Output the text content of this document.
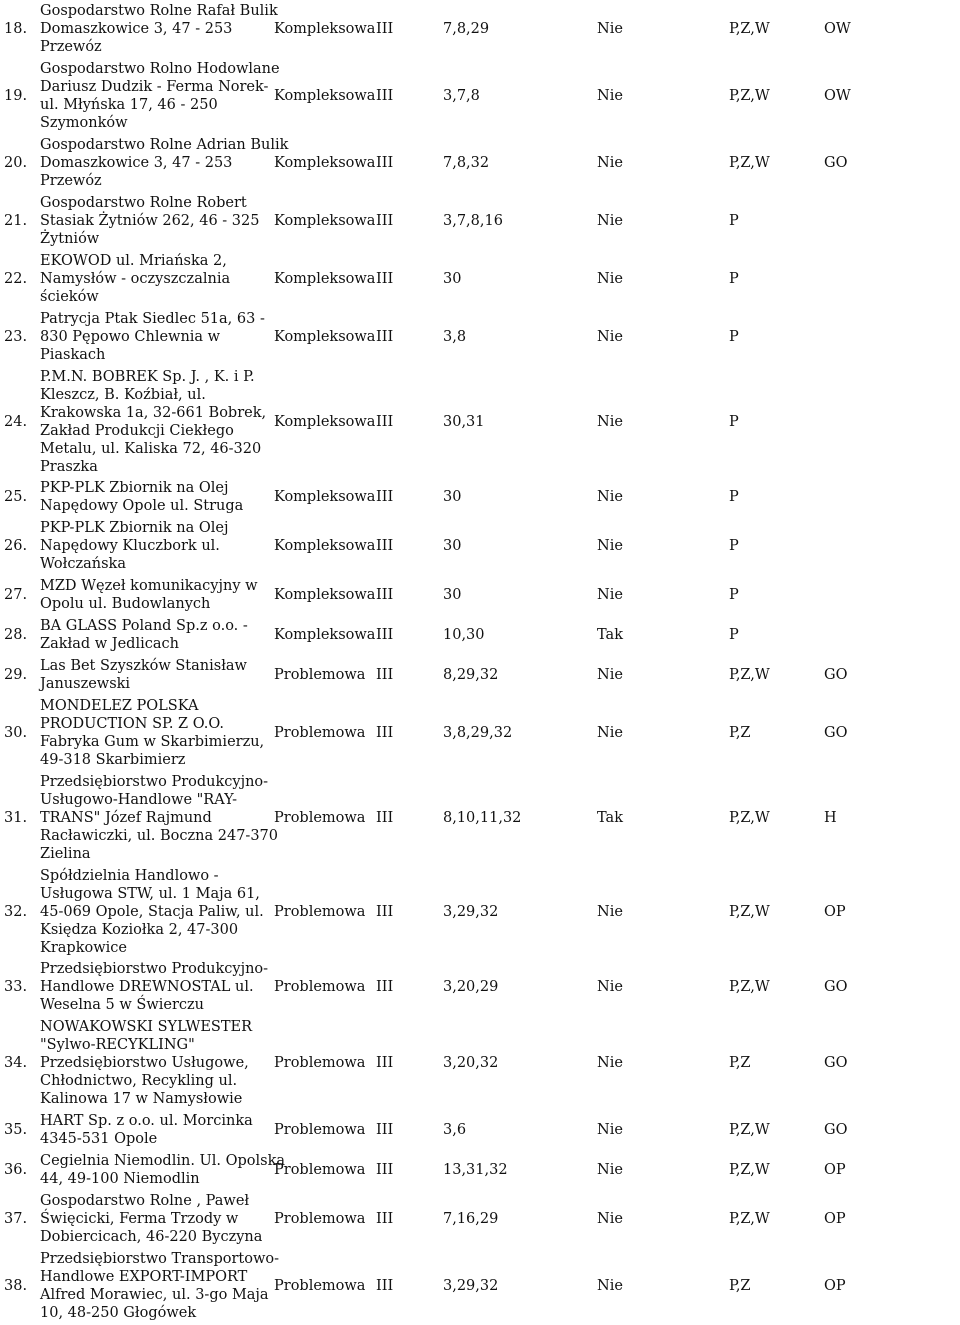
18.
Gospodarstwo Rolne Rafał Bulik
Domaszkowice 3, 47 - 253
Przewóz
Kompleksowa III	7,8,29	Nie	P,Z,W	OW
19.
Gospodarstwo Rolno Hodowlane
Dariusz Dudzik - Ferma Norek-
ul. Młyńska 17, 46 - 250
Szymonków
Kompleksowa III	3,7,8	Nie	P,Z,W	OW
20.
Gospodarstwo Rolne Adrian Bulik
Domaszkowice 3, 47 - 253
Przewóz
Kompleksowa III	7,8,32	Nie	P,Z,W	GO
21.
Gospodarstwo Rolne Robert
Stasiak Żytniów 262, 46 - 325
Żytniów
Kompleksowa III	3,7,8,16	Nie	P
22.
EKOWOD ul. Mriańska 2,
Namysłów - oczyszczalnia
ścieków
Kompleksowa III	30	Nie	P
23.
Patrycja Ptak Siedlec 51a, 63 -
830 Pępowo Chlewnia w
Piaskach
Kompleksowa III	3,8	Nie	P
24.
P.M.N. BOBREK Sp. J. , K. i P.
Kleszcz, B. Koźbiał, ul.
Krakowska 1a, 32-661 Bobrek,
Zakład Produkcji Ciekłego
Metalu, ul. Kaliska 72, 46-320
Praszka
Kompleksowa III	30,31	Nie	P
25.
PKP-PLK Zbiornik na Olej
Napędowy Opole ul. Struga
Kompleksowa III	30	Nie	P
26.
PKP-PLK Zbiornik na Olej
Napędowy Kluczbork ul.
Wołczańska
Kompleksowa III	30	Nie	P
27.
MZD Węzeł komunikacyjny w
Opolu ul. Budowlanych
Kompleksowa III	30	Nie	P
28.
BA GLASS Poland Sp.z o.o. -
Zakład w Jedlicach
Kompleksowa III	10,30	Tak	P
29.
Las Bet Szyszków Stanisław
Januszewski
Problemowa III	8,29,32	Nie	P,Z,W	GO
30.
MONDELEZ POLSKA
PRODUCTION SP. Z O.O.
Fabryka Gum w Skarbimierzu,
49-318 Skarbimierz
Problemowa III	3,8,29,32	Nie	P,Z	GO
31.
Przedsiębiorstwo Produkcyjno-
Usługowo-Handlowe "RAY-
TRANS" Józef Rajmund
Racławiczki, ul. Boczna 247-370
Zielina
Problemowa III	8,10,11,32	Tak	P,Z,W	H
32.
Spółdzielnia Handlowo -
Usługowa STW, ul. 1 Maja 61,
45-069 Opole, Stacja Paliw, ul.
Księdza Koziołka 2, 47-300
Krapkowice
Problemowa III	3,29,32	Nie	P,Z,W	OP
33.
Przedsiębiorstwo Produkcyjno-
Handlowe DREWNOSTAL ul.
Weselna 5 w Świerczu
Problemowa III	3,20,29	Nie	P,Z,W	GO
34.
NOWAKOWSKI SYLWESTER
"Sylwo-RECYKLING"
Przedsiębiorstwo Usługowe,
Chłodnictwo, Recykling ul.
Kalinowa 17 w Namysłowie
Problemowa III	3,20,32	Nie	P,Z	GO
35.
HART Sp. z o.o. ul. Morcinka
4345-531 Opole
Problemowa III	3,6	Nie	P,Z,W	GO
36.
Cegielnia Niemodlin. Ul. Opolska
44, 49-100 Niemodlin
Problemowa III	13,31,32	Nie	P,Z,W	OP
37.
Gospodarstwo Rolne , Paweł
Święcicki, Ferma Trzody w
Dobiercicach, 46-220 Byczyna
Problemowa III	7,16,29	Nie	P,Z,W	OP
38.
Przedsiębiorstwo Transportowo-
Handlowe EXPORT-IMPORT
Alfred Morawiec, ul. 3-go Maja
10, 48-250 Głogówek
Problemowa III	3,29,32	Nie	P,Z	OP
